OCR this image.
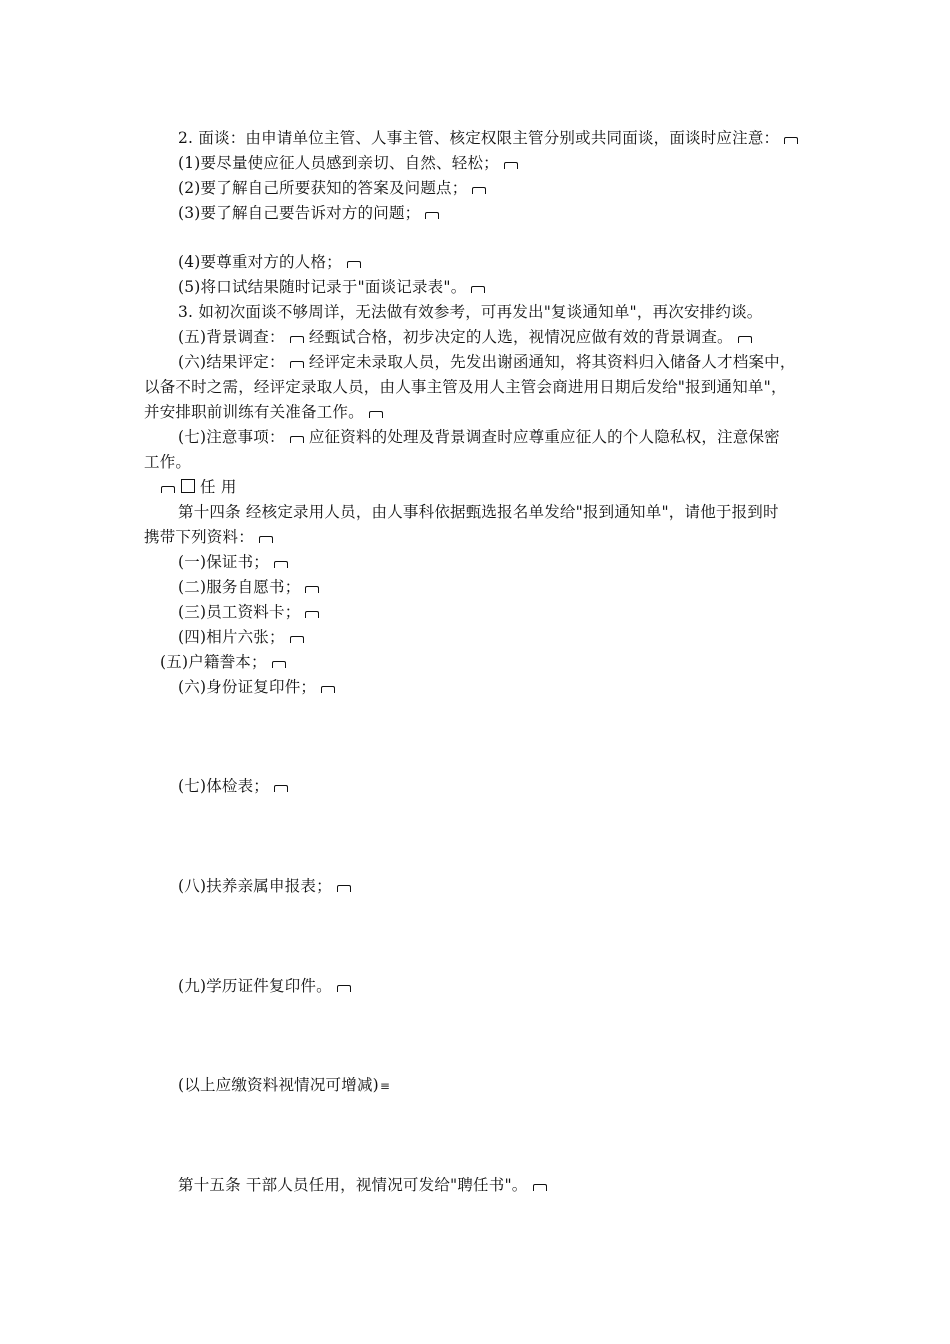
2. 面谈：由申请单位主管、人事主管、核定权限主管分别或共同面谈，面谈时应注意：
(1)要尽量使应征人员感到亲切、自然、轻松；
(2)要了解自己所要获知的答案及问题点；
(3)要了解自己要告诉对方的问题；
(4)要尊重对方的人格；
(5)将口试结果随时记录于"面谈记录表"。
3. 如初次面谈不够周详，无法做有效参考，可再发出"复谈通知单"，再次安排约谈。
(五)背景调查： 经甄试合格，初步决定的人选，视情况应做有效的背景调查。
(六)结果评定： 经评定未录取人员，先发出谢函通知，将其资料归入储备人才档案中，
以备不时之需，经评定录取人员，由人事主管及用人主管会商进用日期后发给"报到通知单"，
并安排职前训练有关准备工作。
(七)注意事项： 应征资料的处理及背景调查时应尊重应征人的个人隐私权，注意保密
工作。
任 用
第十四条 经核定录用人员，由人事科依据甄选报名单发给"报到通知单"，请他于报到时
携带下列资料：
(一)保证书；
(二)服务自愿书；
(三)员工资料卡；
(四)相片六张；
(五)户籍誊本；
(六)身份证复印件；
(七)体检表；
(八)扶养亲属申报表；
(九)学历证件复印件。
(以上应缴资料视情况可增减)≡
第十五条 干部人员任用，视情况可发给"聘任书"。
